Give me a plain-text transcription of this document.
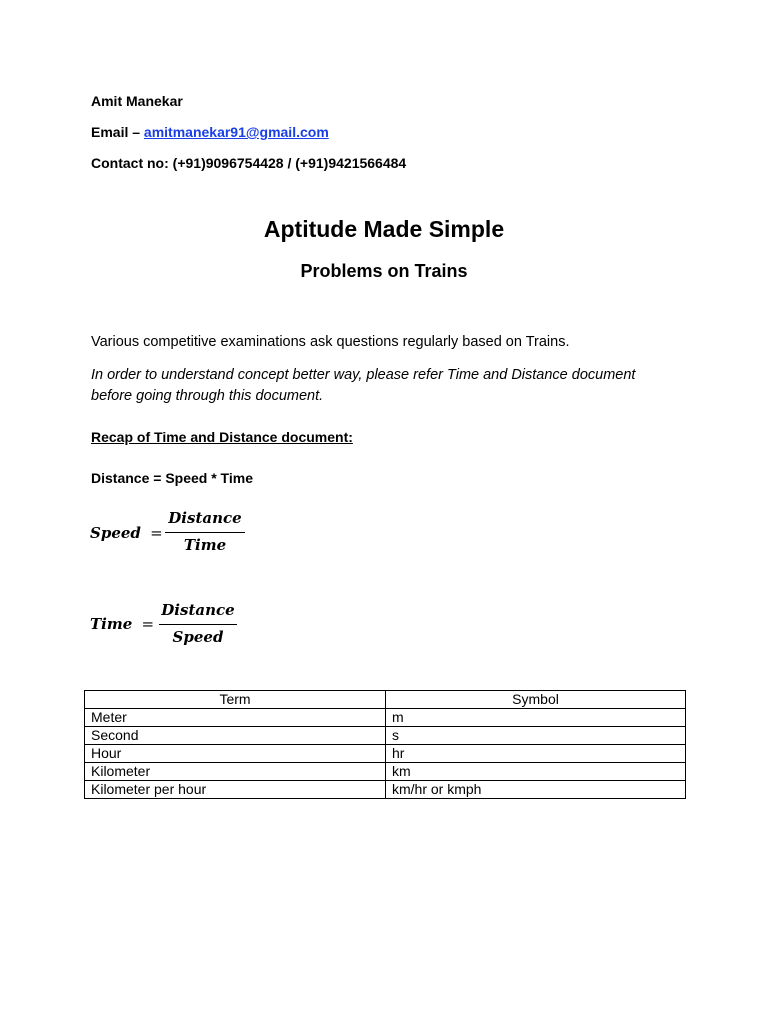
Amit Manekar
Email – amitmanekar91@gmail.com
Contact no: (+91)9096754428 / (+91)9421566484
Aptitude Made Simple
Problems on Trains
Various competitive examinations ask questions regularly based on Trains.
In order to understand concept better way, please refer Time and Distance document
before going through this document.
Recap of Time and Distance document:
Distance = Speed * Time
Speed =
Distance
Time
Time =
Distance
Speed
Term	Symbol
Meter	m
Second	s
Hour	hr
Kilometer	km
Kilometer per hour	km/hr or kmph
